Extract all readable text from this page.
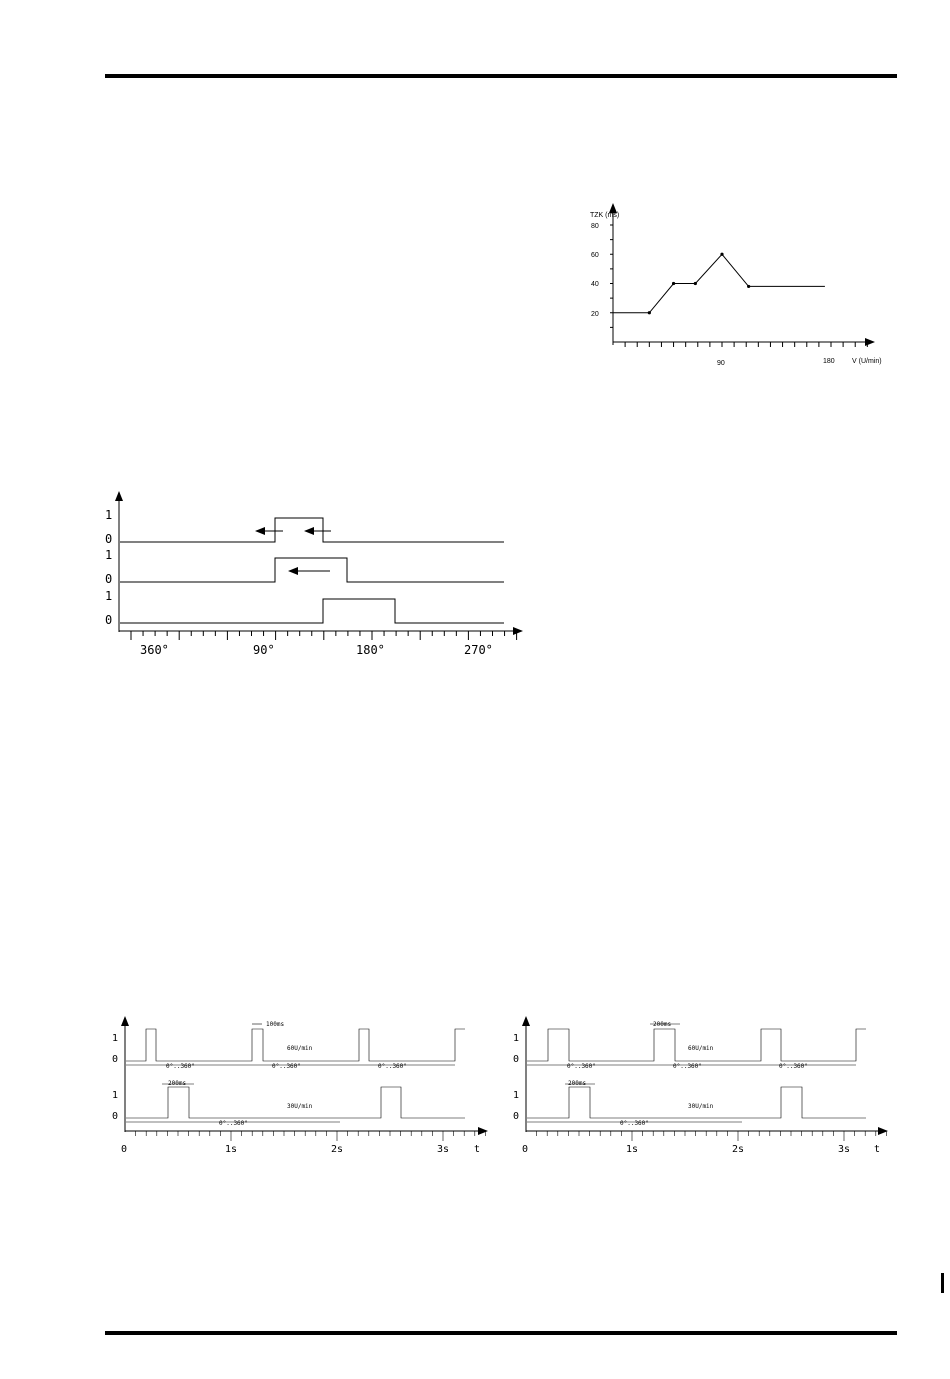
TZK (ms)
V (U/min)
80
60
40
20
90	180
1
0
1
0
1
0
360°	90°	180°	270°
1
0
1
0
100ms
60U/min
30U/min
200ms
0°..360°	0°..360°	0°..360°
0°..360°
0	1s	2s	3s t
1
0
1
0
200ms
60U/min
30U/min
200ms
0°..360°	0°..360°	0°..360°
0°..360°
0	1s	2s	3s t
